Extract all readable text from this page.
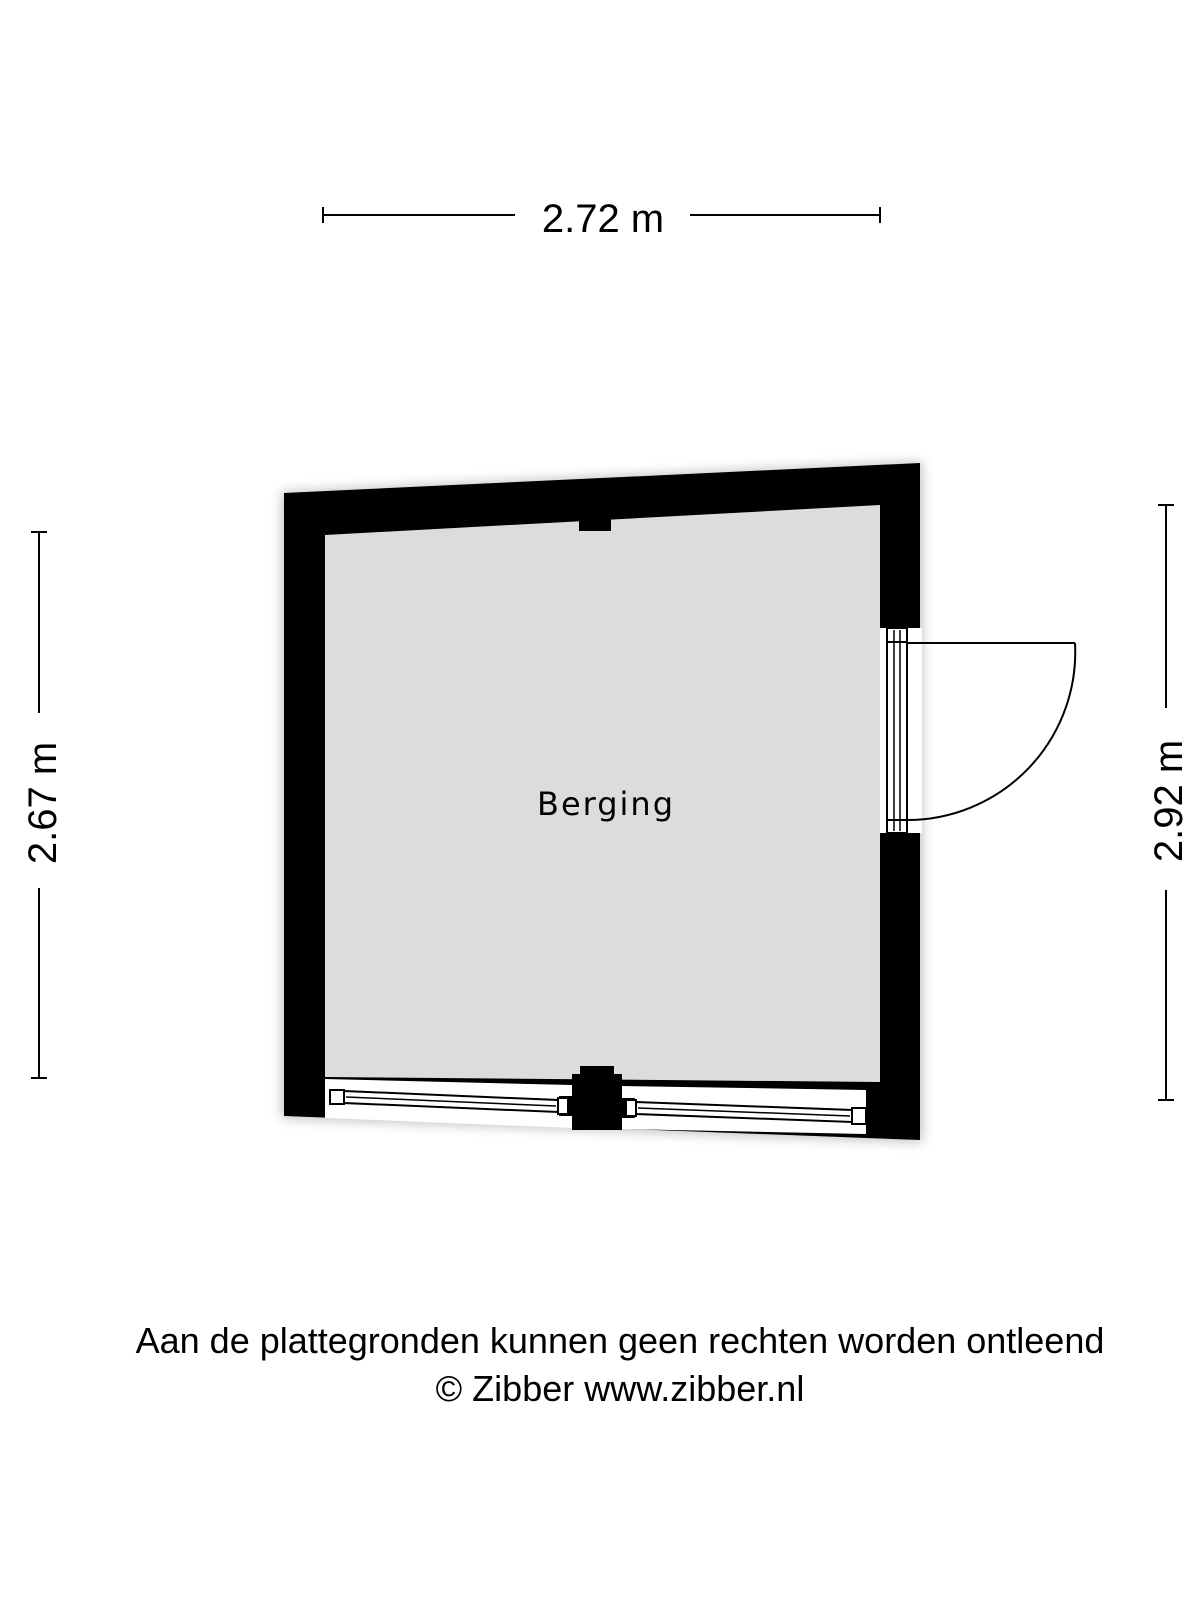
2.72 m
2.67 m	2.92 m
Berging
Aan de plattegronden kunnen geen rechten worden ontleend
© Zibber www.zibber.nl
